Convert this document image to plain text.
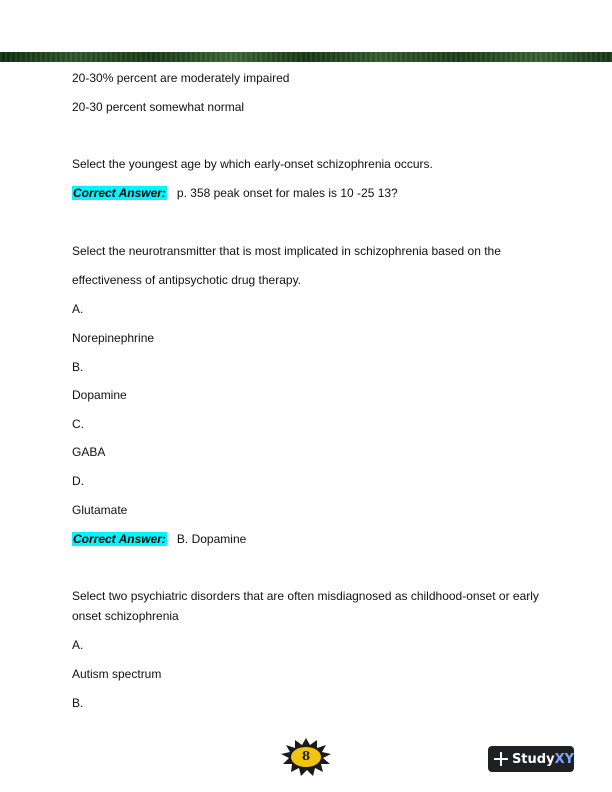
20-30% percent are moderately impaired
20-30 percent somewhat normal
Select the youngest age by which early-onset schizophrenia occurs.
Correct Answer: p. 358 peak onset for males is 10 -25 13?
Select the neurotransmitter that is most implicated in schizophrenia based on the
effectiveness of antipsychotic drug therapy.
A.
Norepinephrine
B.
Dopamine
C.
GABA
D.
Glutamate
Correct Answer: B. Dopamine
Select two psychiatric disorders that are often misdiagnosed as childhood-onset or early
onset schizophrenia
A.
Autism spectrum
B.
8	StudyXY
